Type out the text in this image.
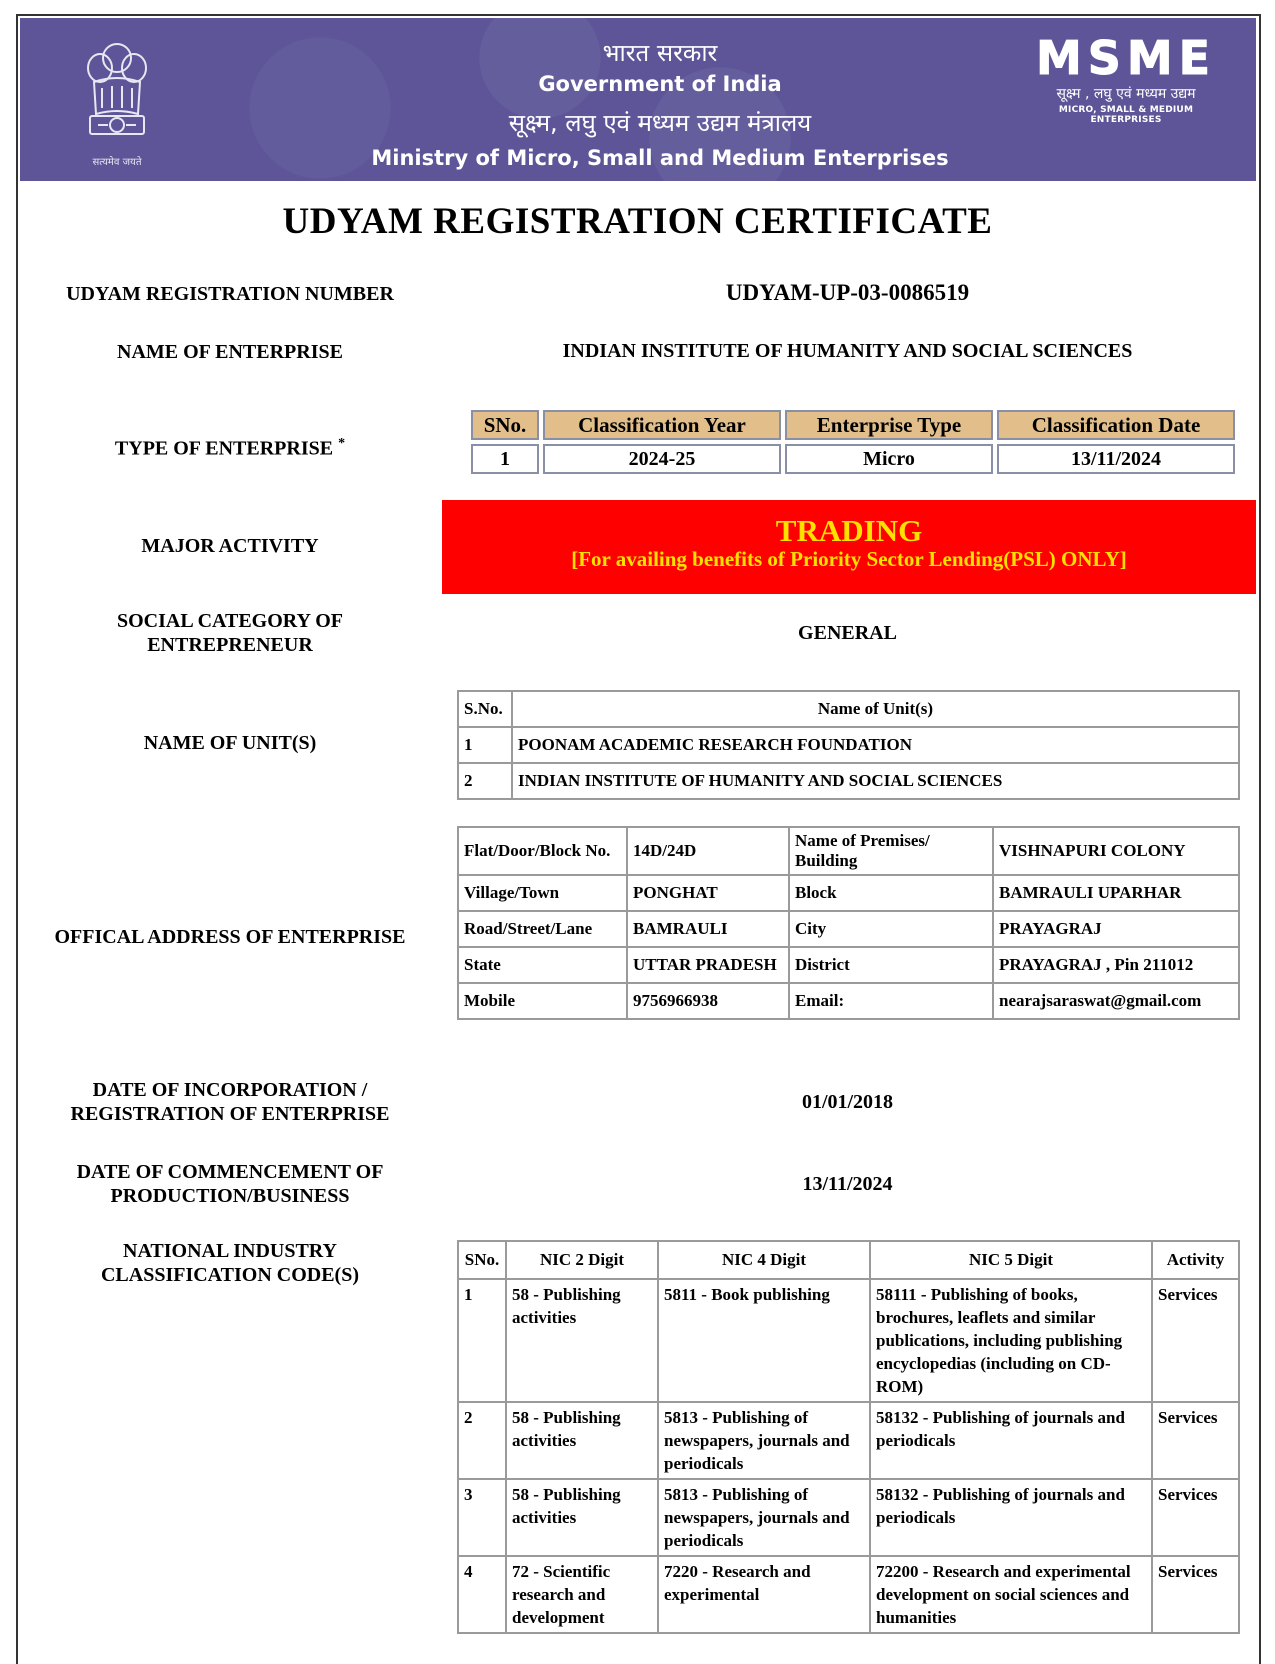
सत्यमेव जयते
भारत सरकार
Government of India
सूक्ष्म, लघु एवं मध्यम उद्यम मंत्रालय
Ministry of Micro, Small and Medium Enterprises
MSME
सूक्ष्म , लघु एवं मध्यम उद्यम
MICRO, SMALL & MEDIUM ENTERPRISES
UDYAM REGISTRATION CERTIFICATE
UDYAM REGISTRATION NUMBER	UDYAM-UP-03-0086519
NAME OF ENTERPRISE	INDIAN INSTITUTE OF HUMANITY AND SOCIAL SCIENCES
TYPE OF ENTERPRISE *
SNo.	Classification Year	Enterprise Type	Classification Date
1	2024-25	Micro	13/11/2024
MAJOR ACTIVITY	TRADING
[For availing benefits of Priority Sector Lending(PSL) ONLY]
SOCIAL CATEGORY OF
ENTREPRENEUR
GENERAL
NAME OF UNIT(S)
S.No.	Name of Unit(s)
1	POONAM ACADEMIC RESEARCH FOUNDATION
2	INDIAN INSTITUTE OF HUMANITY AND SOCIAL SCIENCES
OFFICAL ADDRESS OF ENTERPRISE
Flat/Door/Block No.	14D/24D	Name of Premises/ Building	VISHNAPURI COLONY
Village/Town	PONGHAT	Block	BAMRAULI UPARHAR
Road/Street/Lane	BAMRAULI	City	PRAYAGRAJ
State	UTTAR PRADESH	District	PRAYAGRAJ , Pin 211012
Mobile	9756966938	Email:	nearajsaraswat@gmail.com
DATE OF INCORPORATION /
REGISTRATION OF ENTERPRISE
01/01/2018
DATE OF COMMENCEMENT OF
PRODUCTION/BUSINESS
13/11/2024
NATIONAL INDUSTRY
CLASSIFICATION CODE(S)
SNo.	NIC 2 Digit	NIC 4 Digit	NIC 5 Digit	Activity
1	58 - Publishing activities	5811 - Book publishing	58111 - Publishing of books, brochures, leaflets and similar publications, including publishing encyclopedias (including on CD-ROM)	Services
2	58 - Publishing activities	5813 - Publishing of newspapers, journals and periodicals	58132 - Publishing of journals and periodicals	Services
3	58 - Publishing activities	5813 - Publishing of newspapers, journals and periodicals	58132 - Publishing of journals and periodicals	Services
4	72 - Scientific research and development	7220 - Research and experimental	72200 - Research and experimental development on social sciences and humanities	Services
